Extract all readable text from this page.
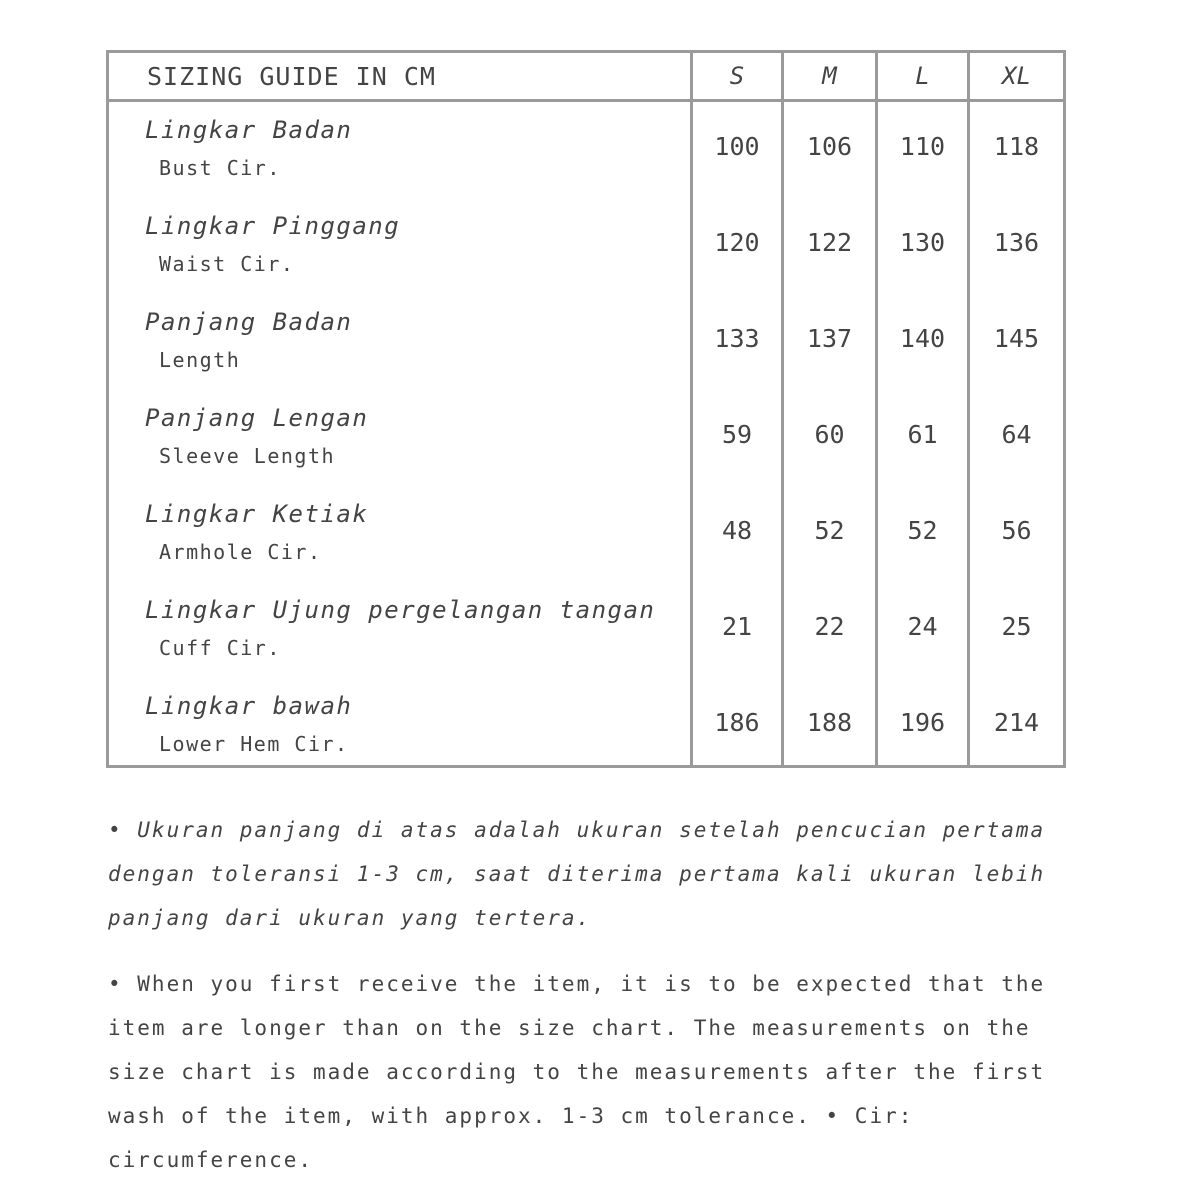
SIZING GUIDE IN CM	S	M	L	XL
Lingkar Badan
Bust Cir.
100	106	110	118
Lingkar Pinggang
Waist Cir.
120	122	130	136
Panjang Badan
Length
133	137	140	145
Panjang Lengan
Sleeve Length
59	60	61	64
Lingkar Ketiak
Armhole Cir.
48	52	52	56
Lingkar Ujung pergelangan tangan
Cuff Cir.
21	22	24	25
Lingkar bawah
Lower Hem Cir.
186	188	196	214
• Ukuran panjang di atas adalah ukuran setelah pencucian pertama dengan toleransi 1-3 cm, saat diterima pertama kali ukuran lebih panjang dari ukuran yang tertera.
• When you first receive the item, it is to be expected that the item are longer than on the size chart. The measurements on the size chart is made according to the measurements after the first wash of the item, with approx. 1-3 cm tolerance. • Cir: circumference.
